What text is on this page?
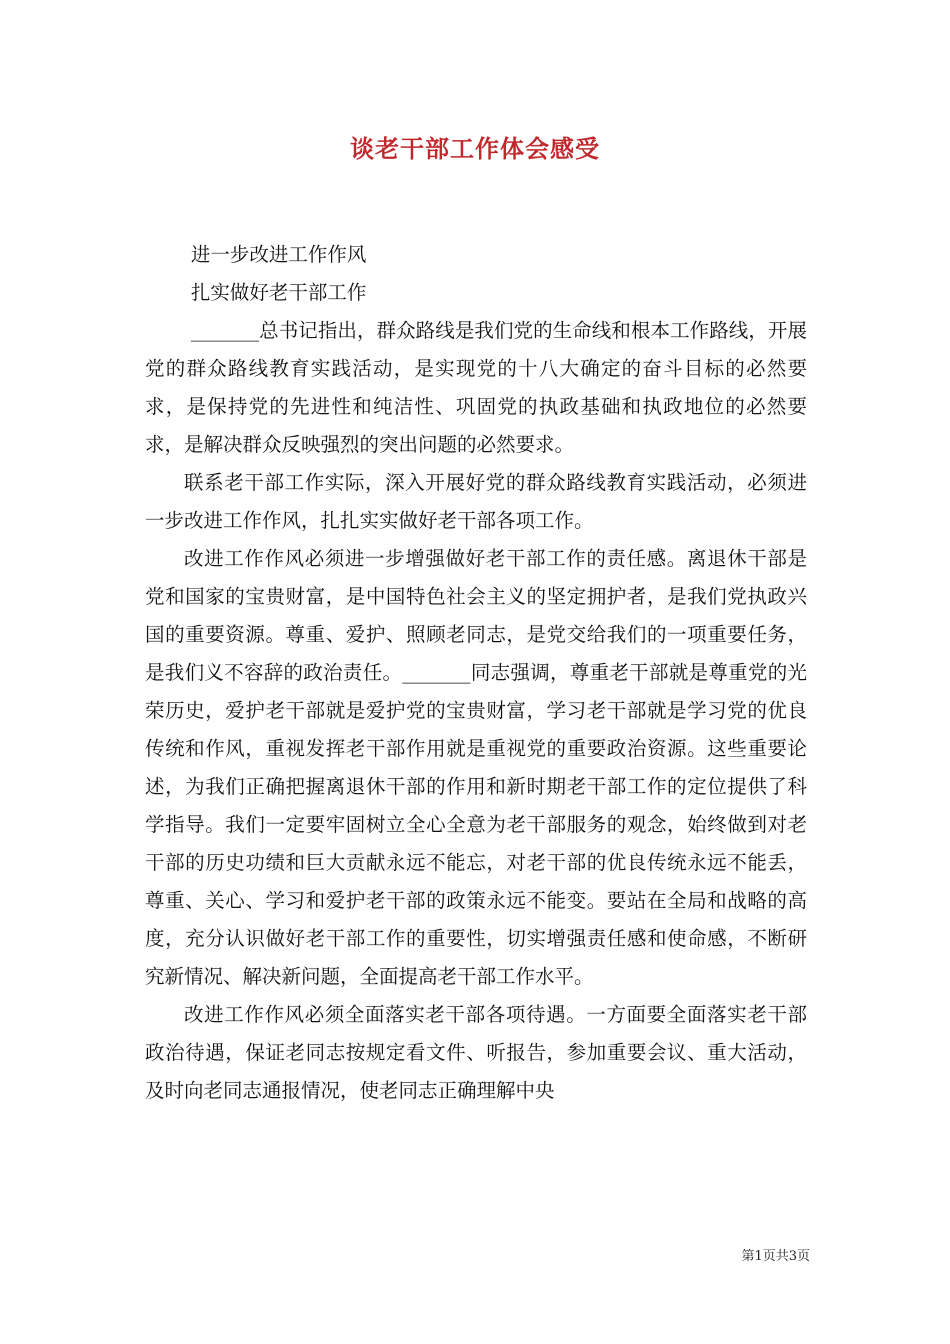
谈老干部工作体会感受

进一步改进工作作风

扎实做好老干部工作

_______总书记指出，群众路线是我们党的生命线和根本工作路线，开展党的群众路线教育实践活动，是实现党的十八大确定的奋斗目标的必然要求，是保持党的先进性和纯洁性、巩固党的执政基础和执政地位的必然要求，是解决群众反映强烈的突出问题的必然要求。

联系老干部工作实际，深入开展好党的群众路线教育实践活动，必须进一步改进工作作风，扎扎实实做好老干部各项工作。

改进工作作风必须进一步增强做好老干部工作的责任感。离退休干部是党和国家的宝贵财富，是中国特色社会主义的坚定拥护者，是我们党执政兴国的重要资源。尊重、爱护、照顾老同志，是党交给我们的一项重要任务，是我们义不容辞的政治责任。_______同志强调，尊重老干部就是尊重党的光荣历史，爱护老干部就是爱护党的宝贵财富，学习老干部就是学习党的优良传统和作风，重视发挥老干部作用就是重视党的重要政治资源。这些重要论述，为我们正确把握离退休干部的作用和新时期老干部工作的定位提供了科学指导。我们一定要牢固树立全心全意为老干部服务的观念，始终做到对老干部的历史功绩和巨大贡献永远不能忘，对老干部的优良传统永远不能丢，尊重、关心、学习和爱护老干部的政策永远不能变。要站在全局和战略的高度，充分认识做好老干部工作的重要性，切实增强责任感和使命感，不断研究新情况、解决新问题，全面提高老干部工作水平。

改进工作作风必须全面落实老干部各项待遇。一方面要全面落实老干部政治待遇，保证老同志按规定看文件、听报告，参加重要会议、重大活动，及时向老同志通报情况，使老同志正确理解中央

第1页共3页
